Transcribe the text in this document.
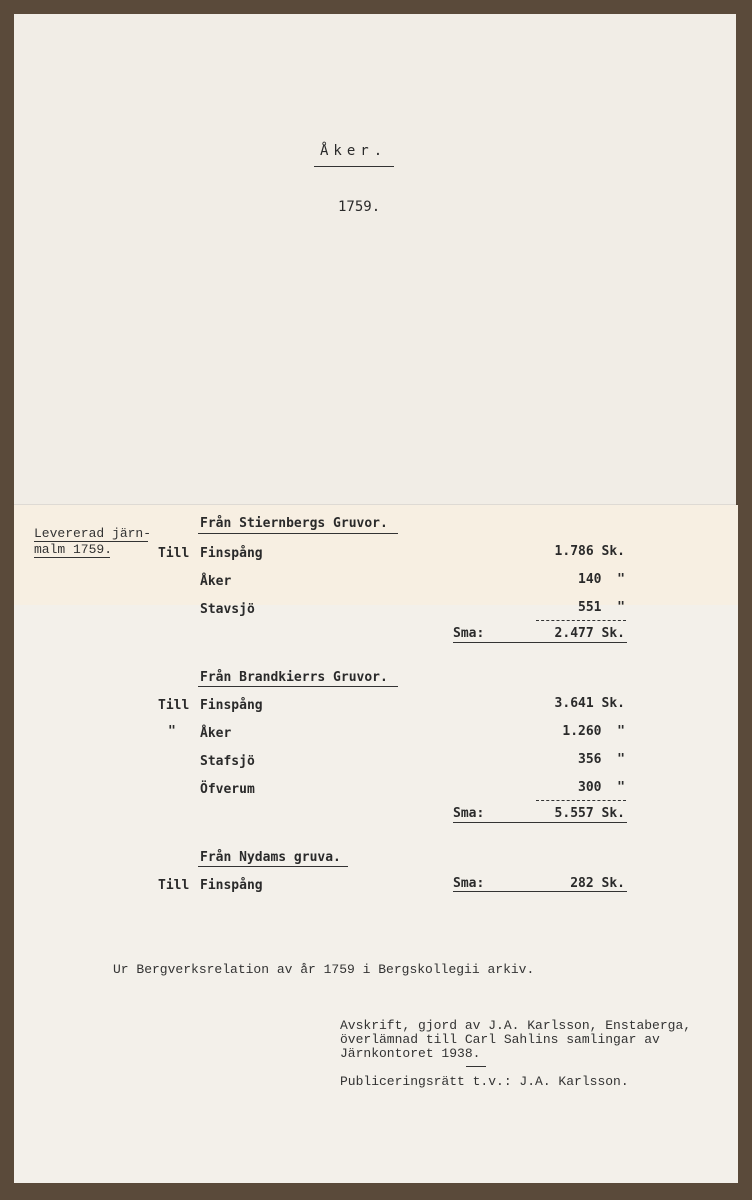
Åker.
1759.
Levererad järn-
malm 1759.
Från Stiernbergs Gruvor.
Till Finspång	1.786 Sk.
Åker	140  "
Stavsjö	551  "
Sma:	2.477 Sk.
Från Brandkierrs Gruvor.
Till Finspång	3.641 Sk.
" Åker	1.260  "
Stafsjö	356  "
Öfverum	300  "
Sma:	5.557 Sk.
Från Nydams gruva.
Till Finspång	Sma:	282 Sk.
Ur Bergverksrelation av år 1759 i Bergskollegii arkiv.
Avskrift, gjord av J.A. Karlsson, Enstaberga,
överlämnad till Carl Sahlins samlingar av
Järnkontoret 1938.
Publiceringsrätt t.v.: J.A. Karlsson.
